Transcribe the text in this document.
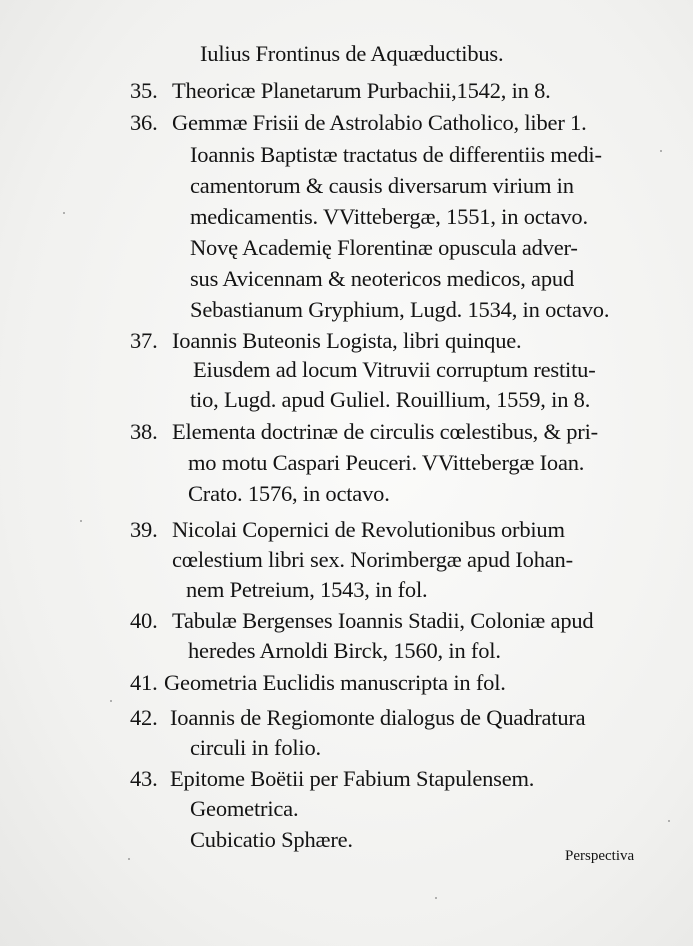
Iulius Frontinus de Aquæductibus.
35. Theoricæ Planetarum Purbachii,1542, in 8.
36. Gemmæ Frisii de Astrolabio Catholico, liber 1.
Ioannis Baptistæ tractatus de differentiis medi-
camentorum & causis diversarum virium in
medicamentis. VVittebergæ, 1551, in octavo.
Novę Academię Florentinæ opuscula adver-
sus Avicennam & neotericos medicos, apud
Sebastianum Gryphium, Lugd. 1534, in octavo.
37. Ioannis Buteonis Logista, libri quinque.
Eiusdem ad locum Vitruvii corruptum restitu-
tio, Lugd. apud Guliel. Rouillium, 1559, in 8.
38. Elementa doctrinæ de circulis cœlestibus, & pri-
mo motu Caspari Peuceri. VVittebergæ Ioan.
Crato. 1576, in octavo.
39. Nicolai Copernici de Revolutionibus orbium
cœlestium libri sex. Norimbergæ apud Iohan-
nem Petreium, 1543, in fol.
40. Tabulæ Bergenses Ioannis Stadii, Coloniæ apud
heredes Arnoldi Birck, 1560, in fol.
41. Geometria Euclidis manuscripta in fol.
42. Ioannis de Regiomonte dialogus de Quadratura
circuli in folio.
43. Epitome Boëtii per Fabium Stapulensem.
Geometrica.
Cubicatio Sphære.
Perspectiva
